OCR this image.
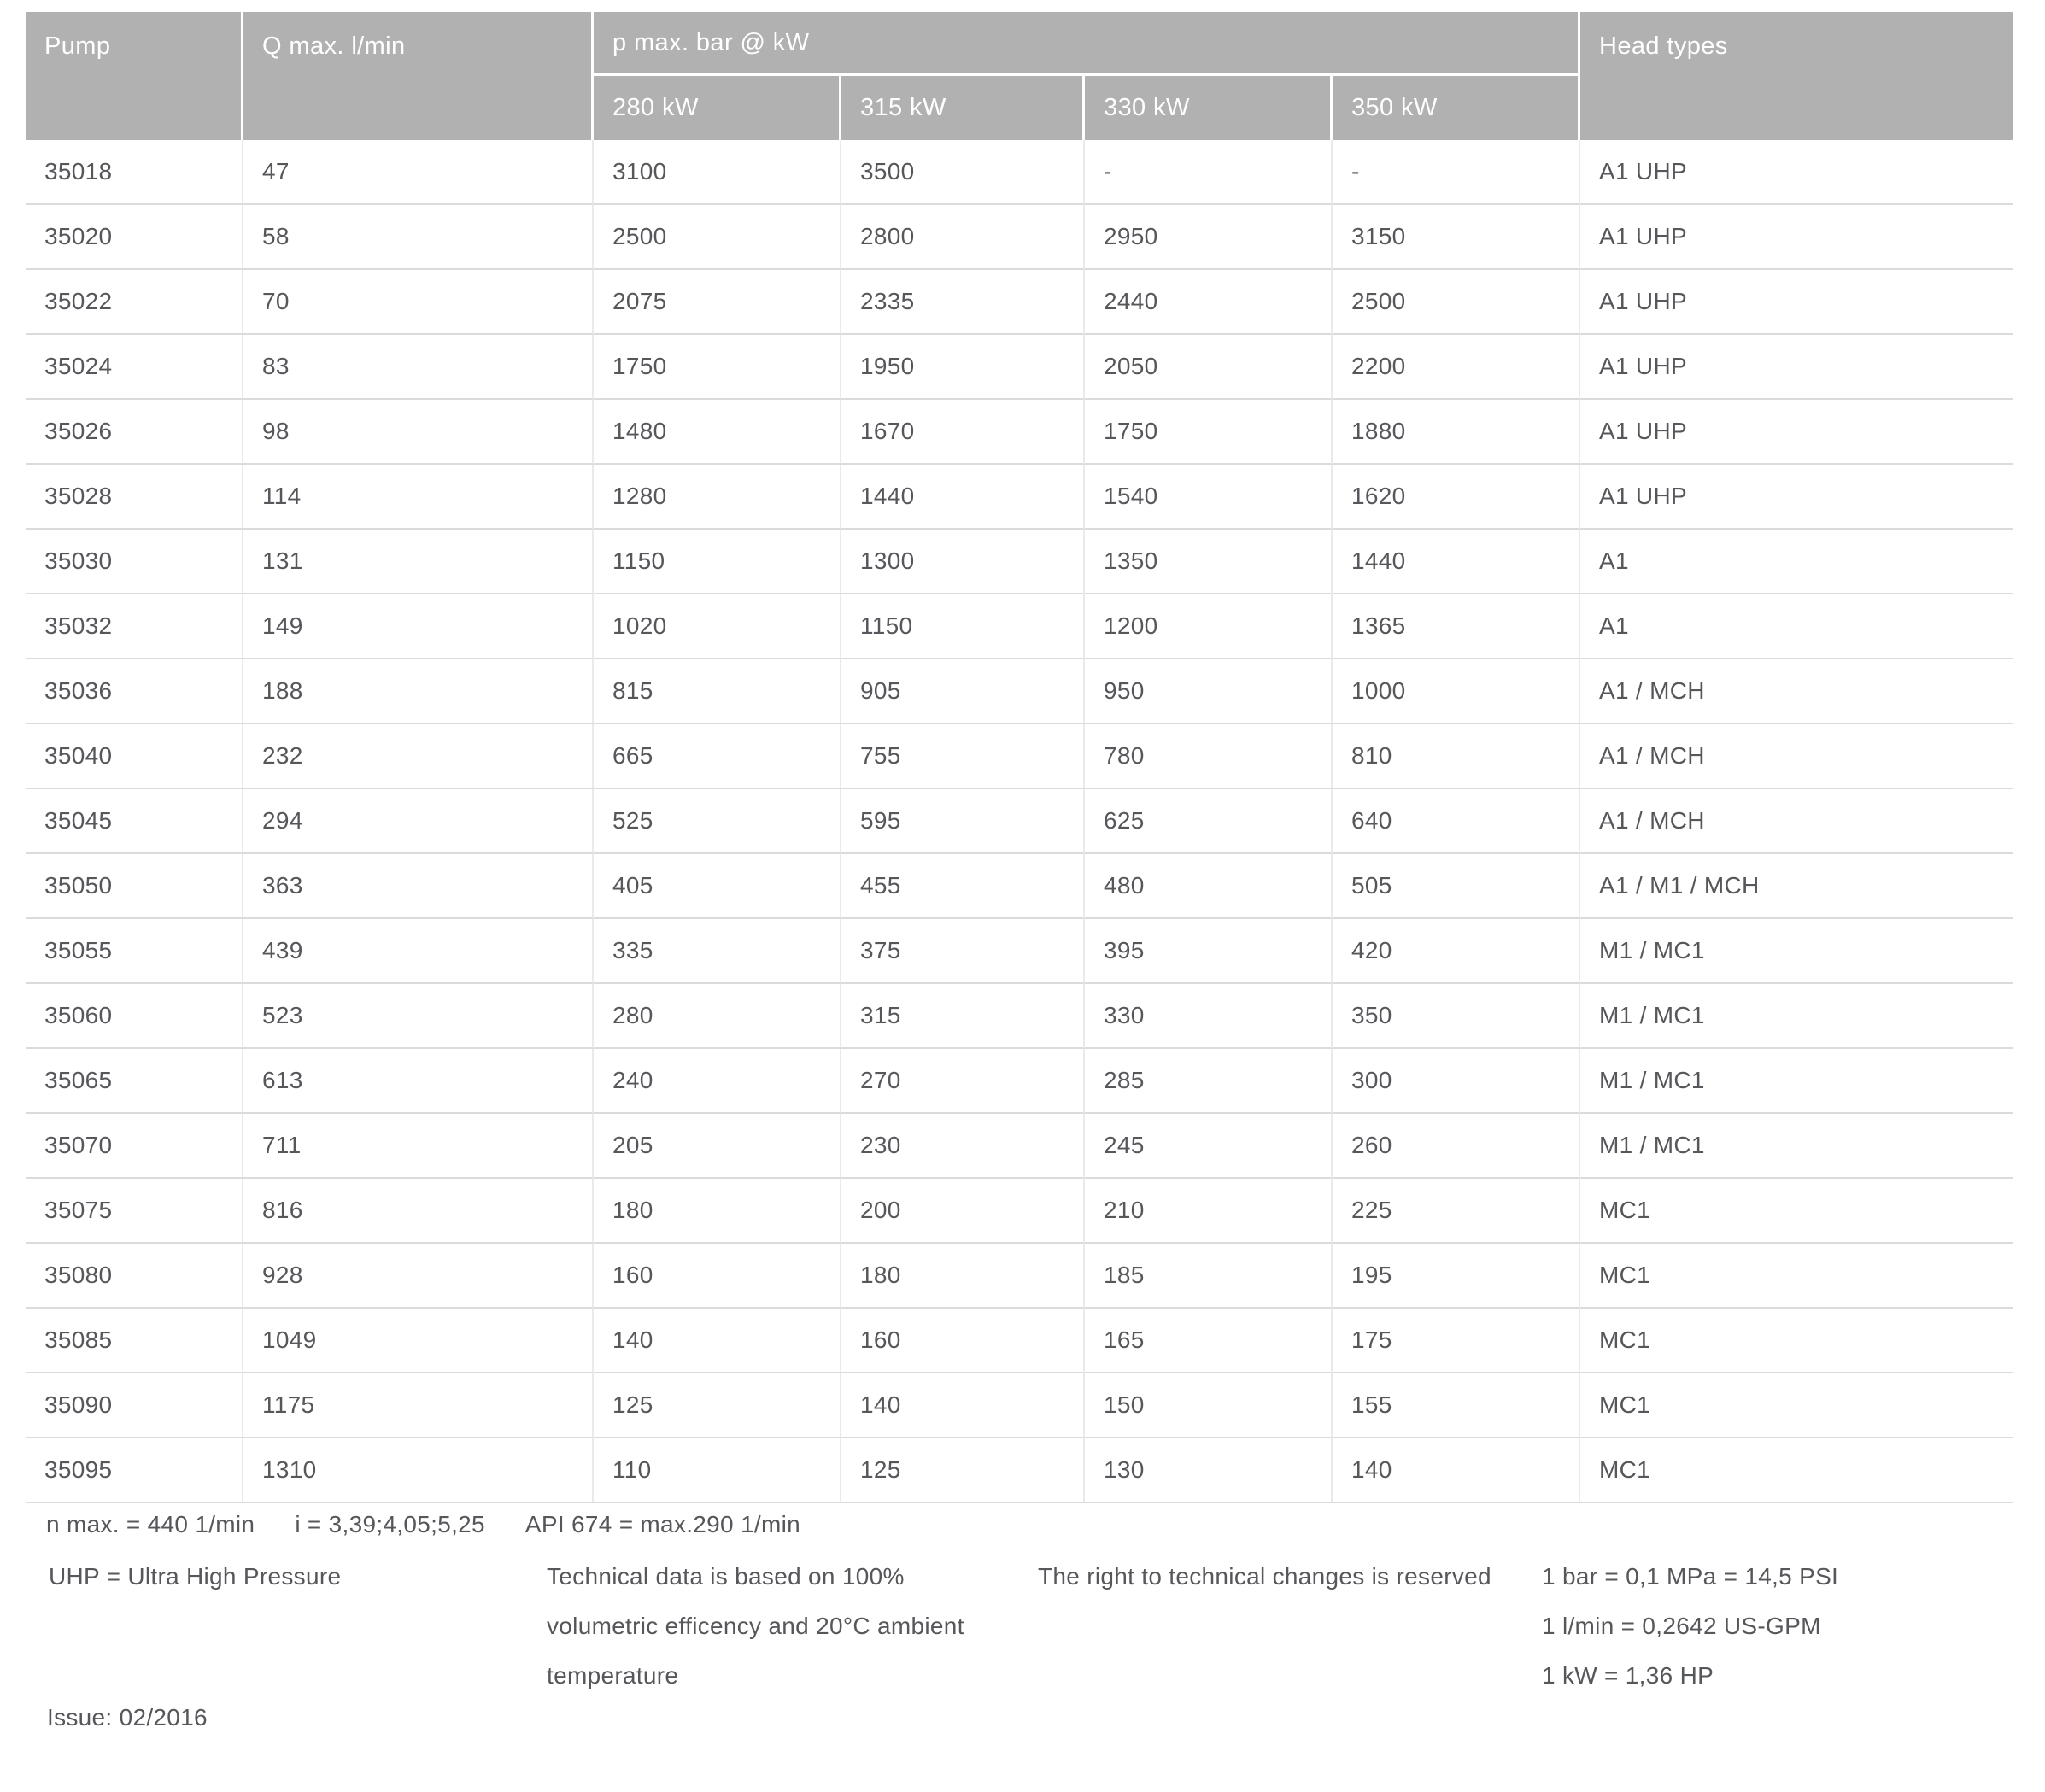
Pump	Q max. l/min	p max. bar @ kW				Head types
		280 kW	315 kW	330 kW	350 kW	
35018	47	3100	3500	-	-	A1 UHP
35020	58	2500	2800	2950	3150	A1 UHP
35022	70	2075	2335	2440	2500	A1 UHP
35024	83	1750	1950	2050	2200	A1 UHP
35026	98	1480	1670	1750	1880	A1 UHP
35028	114	1280	1440	1540	1620	A1 UHP
35030	131	1150	1300	1350	1440	A1
35032	149	1020	1150	1200	1365	A1
35036	188	815	905	950	1000	A1 / MCH
35040	232	665	755	780	810	A1 / MCH
35045	294	525	595	625	640	A1 / MCH
35050	363	405	455	480	505	A1 / M1 / MCH
35055	439	335	375	395	420	M1 / MC1
35060	523	280	315	330	350	M1 / MC1
35065	613	240	270	285	300	M1 / MC1
35070	711	205	230	245	260	M1 / MC1
35075	816	180	200	210	225	MC1
35080	928	160	180	185	195	MC1
35085	1049	140	160	165	175	MC1
35090	1175	125	140	150	155	MC1
35095	1310	110	125	130	140	MC1
n max. = 440 1/min i = 3,39;4,05;5,25 API 674 = max.290 1/min
UHP = Ultra High Pressure	Technical data is based on 100% volumetric efficency and 20°C ambient temperature
The right to technical changes is reserved 1 bar = 0,1 MPa = 14,5 PSI
1 l/min = 0,2642 US-GPM
1 kW = 1,36 HP
Issue: 02/2016
